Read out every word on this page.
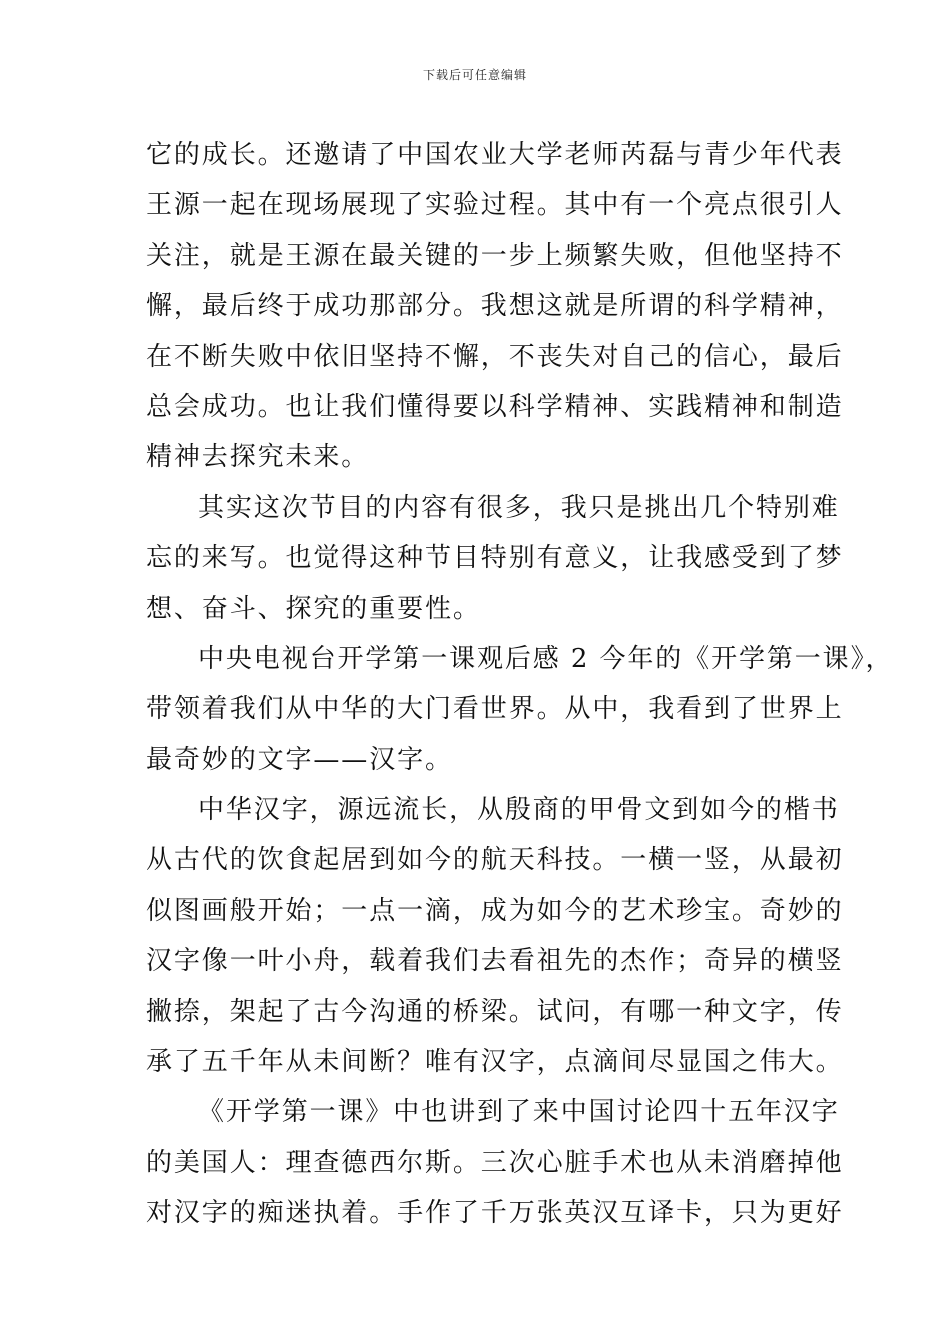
下载后可任意编辑
它的成长。还邀请了中国农业大学老师芮磊与青少年代表
王源一起在现场展现了实验过程。其中有一个亮点很引人
关注，就是王源在最关键的一步上频繁失败，但他坚持不
懈，最后终于成功那部分。我想这就是所谓的科学精神，
在不断失败中依旧坚持不懈，不丧失对自己的信心，最后
总会成功。也让我们懂得要以科学精神、实践精神和制造
精神去探究未来。
其实这次节目的内容有很多，我只是挑出几个特别难
忘的来写。也觉得这种节目特别有意义，让我感受到了梦
想、奋斗、探究的重要性。
中央电视台开学第一课观后感 2 今年的《开学第一课》，
带领着我们从中华的大门看世界。从中，我看到了世界上
最奇妙的文字——汉字。
中华汉字，源远流长，从殷商的甲骨文到如今的楷书
从古代的饮食起居到如今的航天科技。一横一竖，从最初
似图画般开始；一点一滴，成为如今的艺术珍宝。奇妙的
汉字像一叶小舟，载着我们去看祖先的杰作；奇异的横竖
撇捺，架起了古今沟通的桥梁。试问，有哪一种文字，传
承了五千年从未间断？唯有汉字，点滴间尽显国之伟大。
《开学第一课》中也讲到了来中国讨论四十五年汉字
的美国人：理查德西尔斯。三次心脏手术也从未消磨掉他
对汉字的痴迷执着。手作了千万张英汉互译卡，只为更好
